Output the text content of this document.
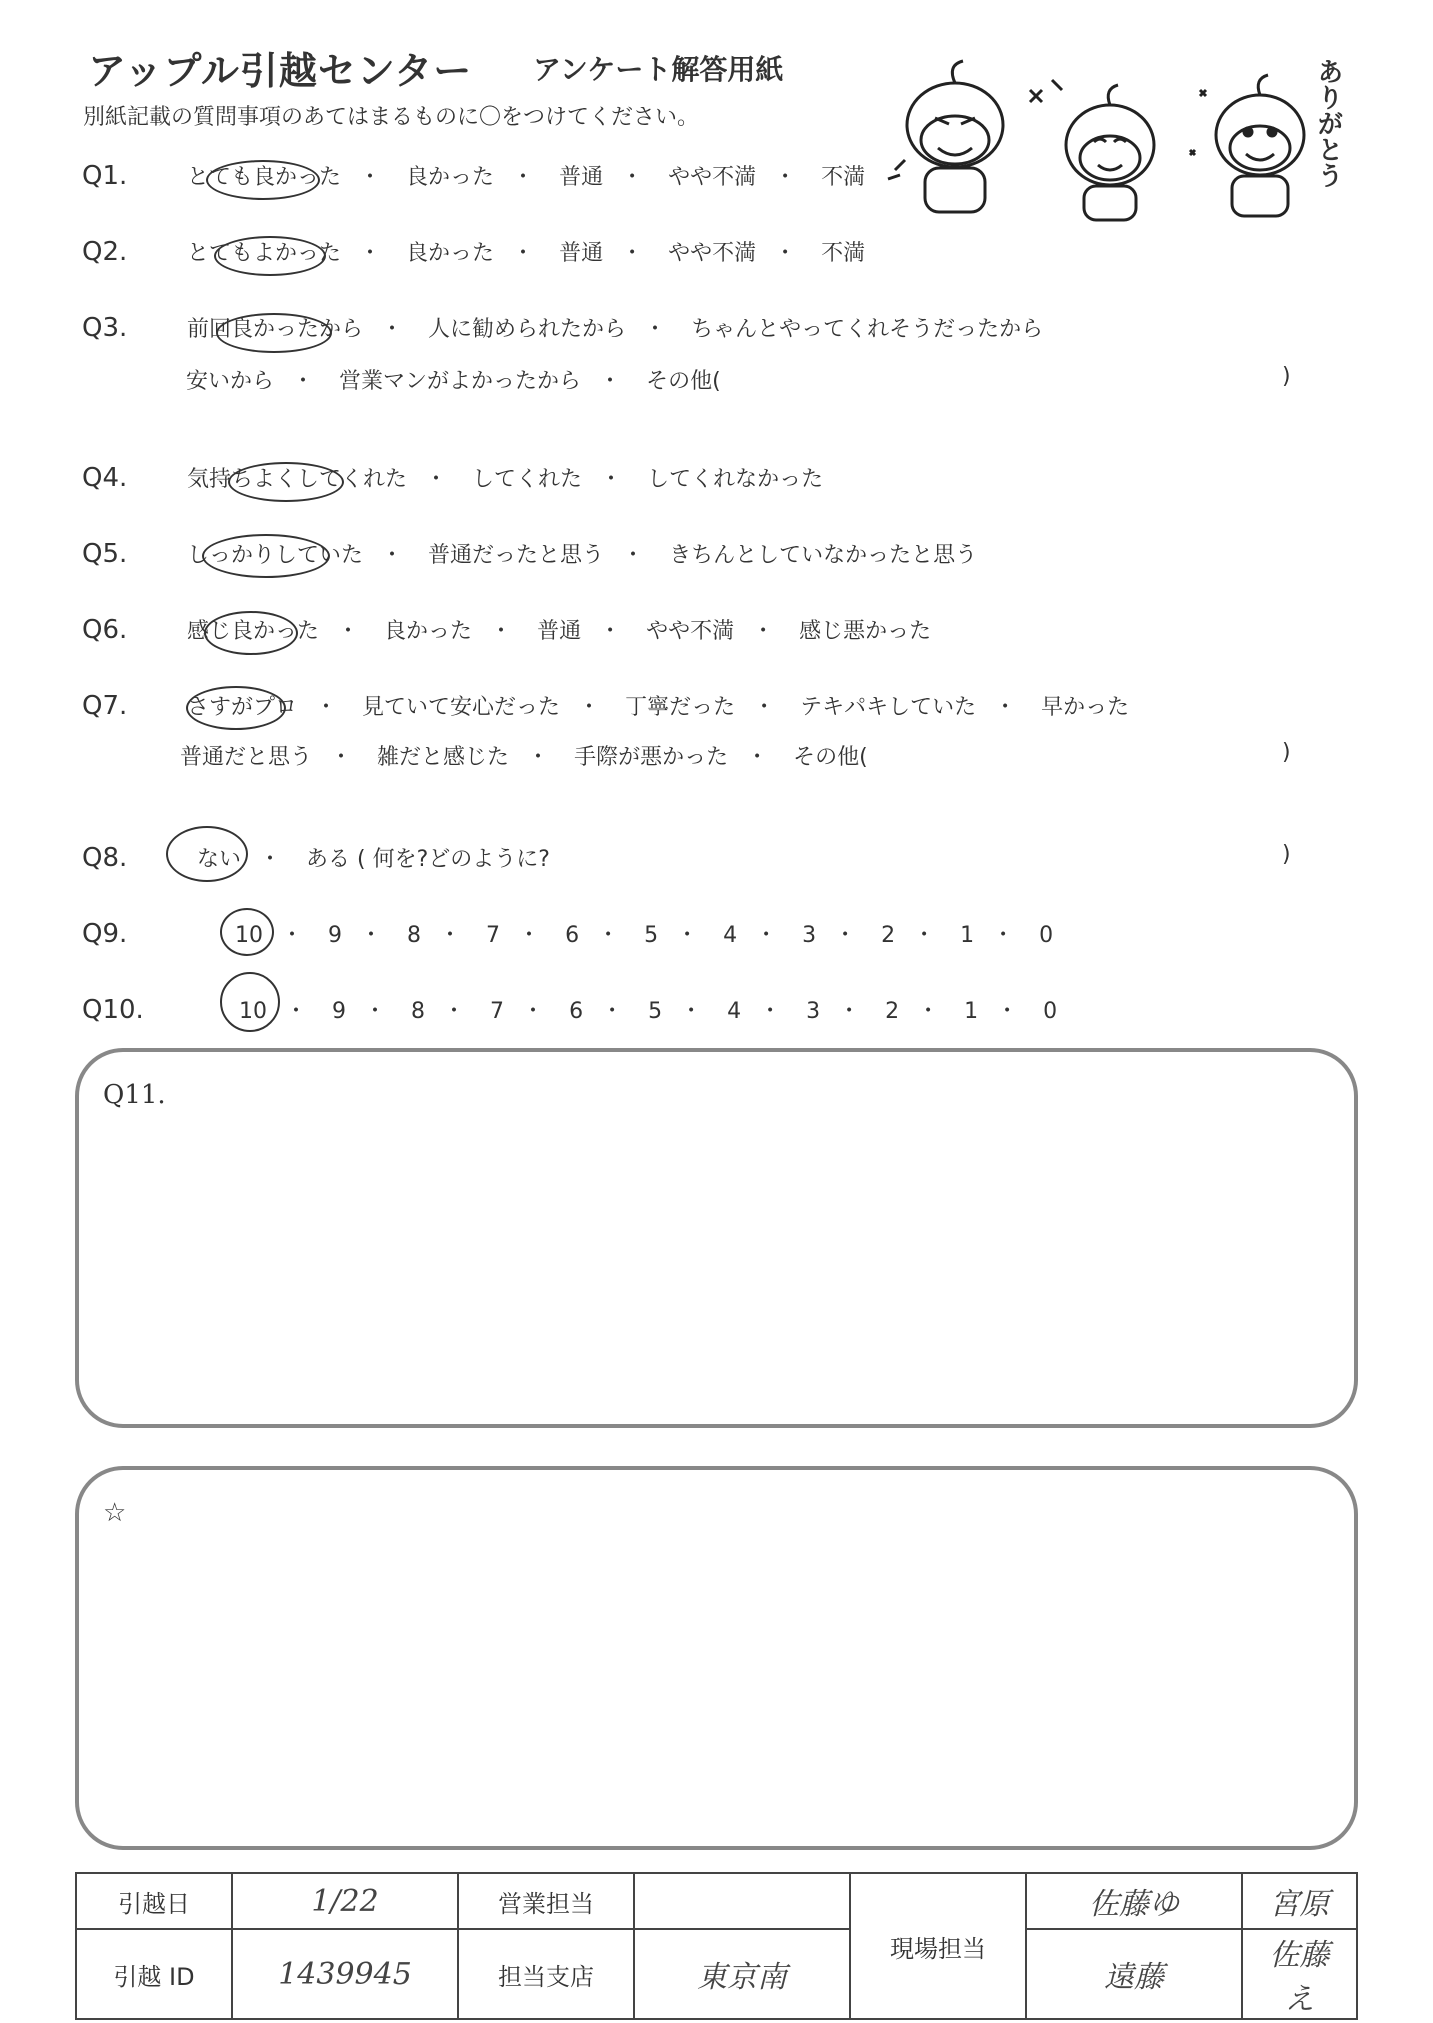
アップル引越センター アンケート解答用紙
別紙記載の質問事項のあてはまるものに〇をつけてください。	ありがとう
Q1.	とても良かった ・ 良かった ・ 普通 ・ やや不満 ・ 不満
Q2.	とてもよかった ・ 良かった ・ 普通 ・ やや不満 ・ 不満
Q3.	前回良かったから ・ 人に勧められたから ・ ちゃんとやってくれそうだったから
安いから ・ 営業マンがよかったから ・ その他(	)
Q4.	気持ちよくしてくれた ・ してくれた ・ してくれなかった
Q5.	しっかりしていた ・ 普通だったと思う ・ きちんとしていなかったと思う
Q6.	感じ良かった ・ 良かった ・ 普通 ・ やや不満 ・ 感じ悪かった
Q7.	さすがプロ ・ 見ていて安心だった ・ 丁寧だった ・ テキパキしていた ・ 早かった
普通だと思う ・ 雑だと感じた ・ 手際が悪かった ・ その他(	)
Q8.	ない ・ ある ( 何を?どのように?	)
Q9.	10 ・ 9 ・ 8 ・ 7 ・ 6 ・ 5 ・ 4 ・ 3 ・ 2 ・ 1 ・ 0
Q10.	10 ・ 9 ・ 8 ・ 7 ・ 6 ・ 5 ・ 4 ・ 3 ・ 2 ・ 1 ・ 0
Q11.
☆
引越日	1/22	営業担当		現場担当	佐藤ゆ	宮原
引越 ID	1439945	担当支店	東京南		遠藤	佐藤え
